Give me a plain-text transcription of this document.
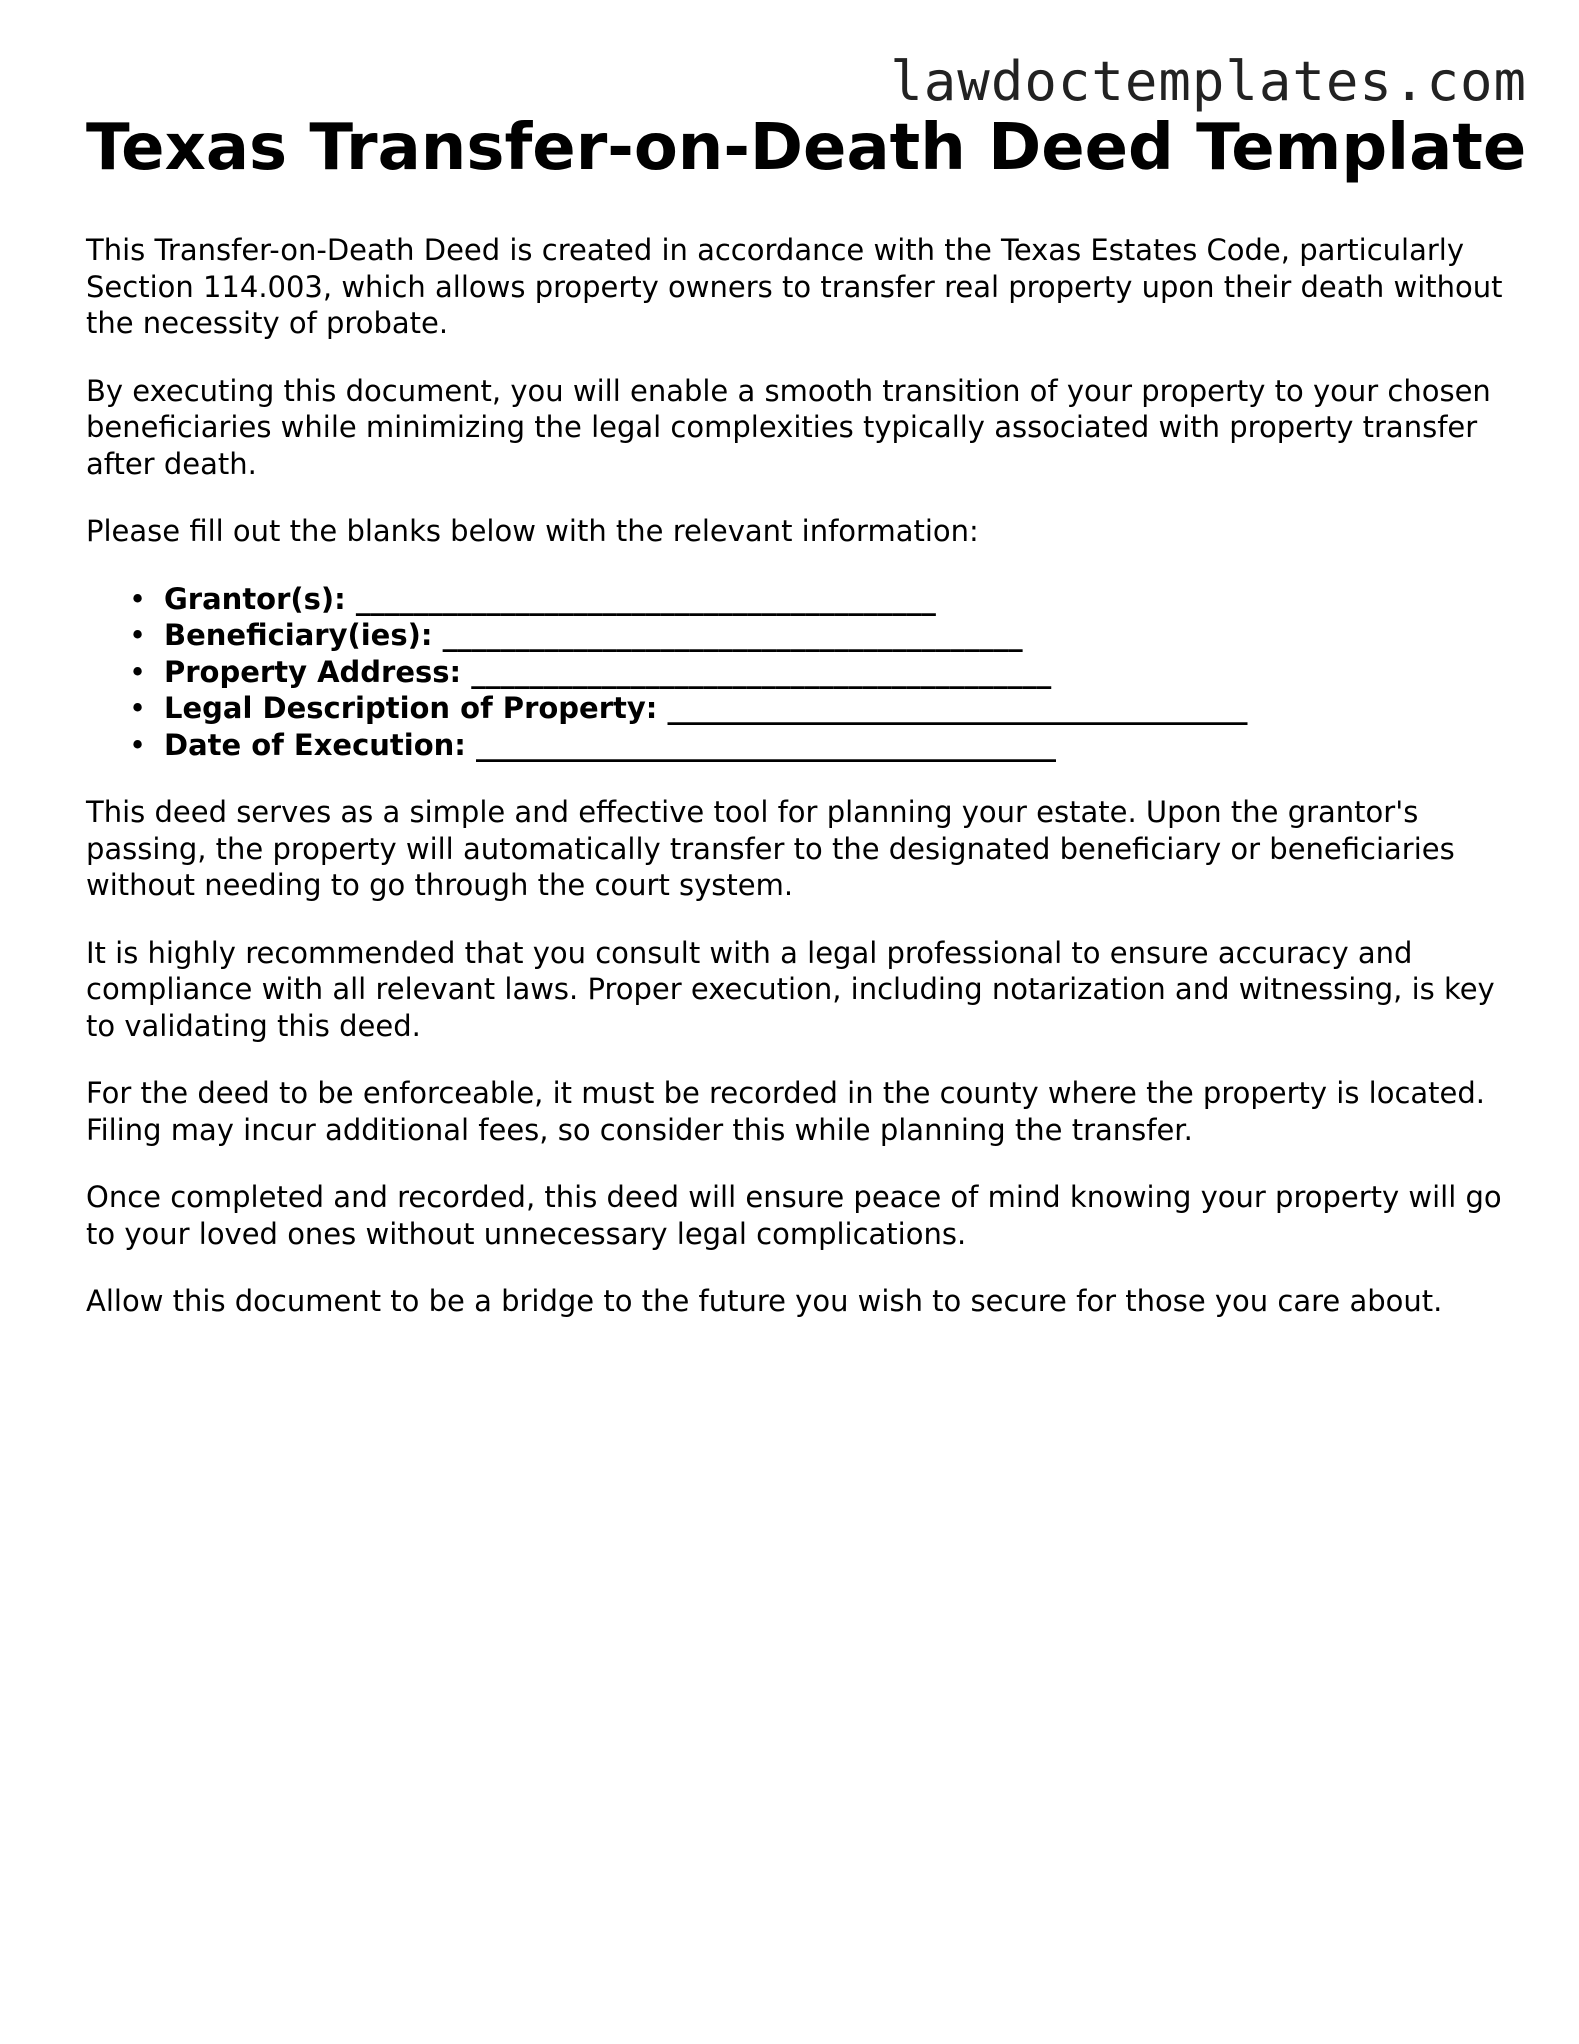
lawdoctemplates.com
Texas Transfer-on-Death Deed Template

This Transfer-on-Death Deed is created in accordance with the Texas Estates Code, particularly Section 114.003, which allows property owners to transfer real property upon their death without the necessity of probate.

By executing this document, you will enable a smooth transition of your property to your chosen beneficiaries while minimizing the legal complexities typically associated with property transfer after death.

Please fill out the blanks below with the relevant information:

• Grantor(s): ________________________________________
• Beneficiary(ies): ________________________________________
• Property Address: ________________________________________
• Legal Description of Property: ________________________________________
• Date of Execution: ________________________________________

This deed serves as a simple and effective tool for planning your estate. Upon the grantor's passing, the property will automatically transfer to the designated beneficiary or beneficiaries without needing to go through the court system.

It is highly recommended that you consult with a legal professional to ensure accuracy and compliance with all relevant laws. Proper execution, including notarization and witnessing, is key to validating this deed.

For the deed to be enforceable, it must be recorded in the county where the property is located. Filing may incur additional fees, so consider this while planning the transfer.

Once completed and recorded, this deed will ensure peace of mind knowing your property will go to your loved ones without unnecessary legal complications.

Allow this document to be a bridge to the future you wish to secure for those you care about.
